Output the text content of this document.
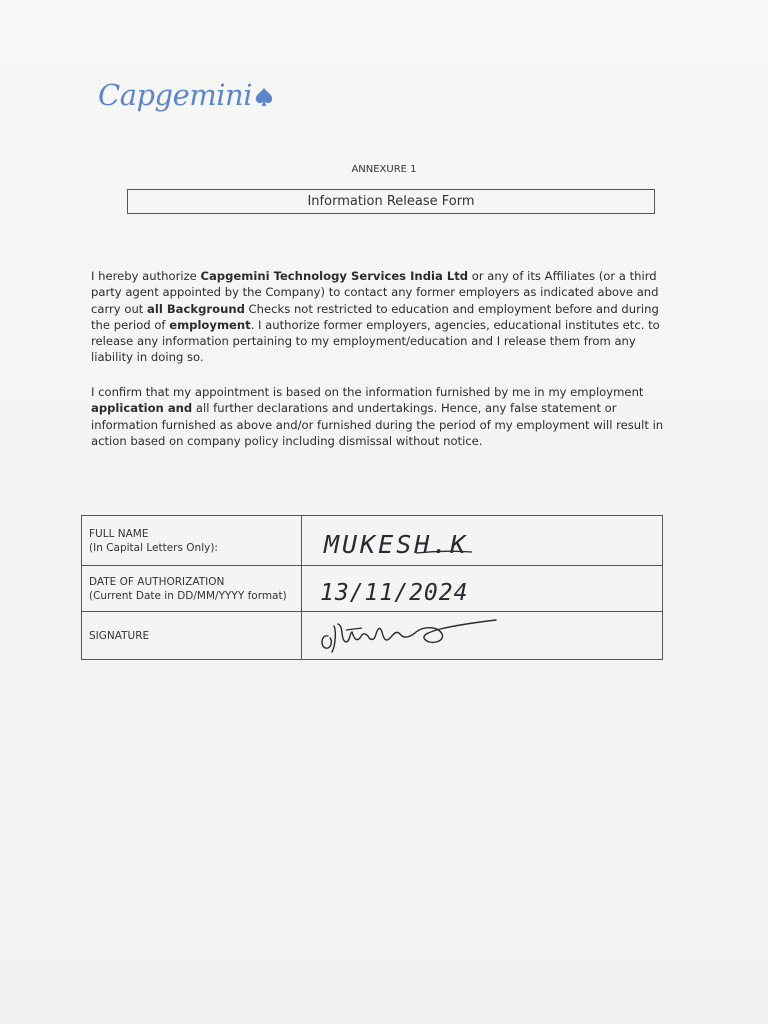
Capgemini
ANNEXURE 1
Information Release Form
I hereby authorize Capgemini Technology Services India Ltd or any of its Affiliates (or a third party agent appointed by the Company) to contact any former employers as indicated above and carry out all Background Checks not restricted to education and employment before and during the period of employment. I authorize former employers, agencies, educational institutes etc. to release any information pertaining to my employment/education and I release them from any liability in doing so.
I confirm that my appointment is based on the information furnished by me in my employment application and all further declarations and undertakings. Hence, any false statement or information furnished as above and/or furnished during the period of my employment will result in action based on company policy including dismissal without notice.
FULL NAME
(In Capital Letters Only):	MUKESH.K

DATE OF AUTHORIZATION
(Current Date in DD/MM/YYYY format)	13/11/2024

SIGNATURE
